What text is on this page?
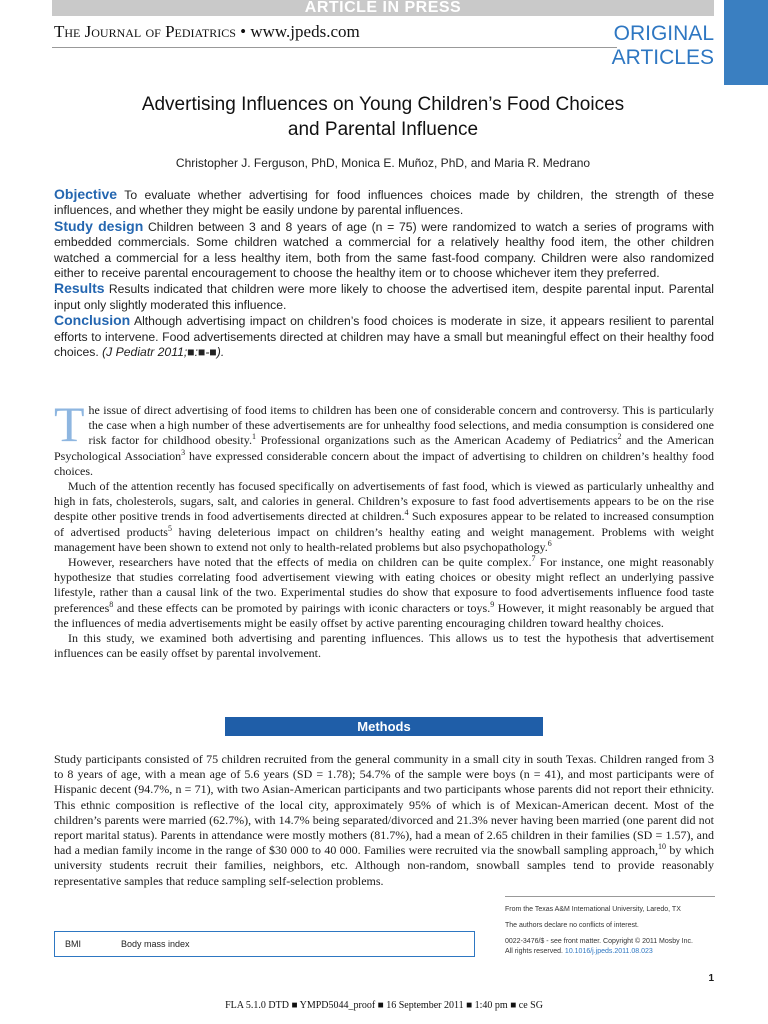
ARTICLE IN PRESS
The Journal of Pediatrics • www.jpeds.com	ORIGINAL
ARTICLES
Advertising Influences on Young Children’s Food Choices
and Parental Influence
Christopher J. Ferguson, PhD, Monica E. Muñoz, PhD, and Maria R. Medrano

Objective To evaluate whether advertising for food influences choices made by children, the strength of these influences, and whether they might be easily undone by parental influences.

Study design Children between 3 and 8 years of age (n = 75) were randomized to watch a series of programs with embedded commercials. Some children watched a commercial for a relatively healthy food item, the other children watched a commercial for a less healthy item, both from the same fast-food company. Children were also randomized either to receive parental encouragement to choose the healthy item or to choose whichever item they preferred.

Results Results indicated that children were more likely to choose the advertised item, despite parental input. Parental input only slightly moderated this influence.

Conclusion Although advertising impact on children’s food choices is moderate in size, it appears resilient to parental efforts to intervene. Food advertisements directed at children may have a small but meaningful effect on their healthy food choices. (J Pediatr 2011;■:■-■).

The issue of direct advertising of food items to children has been one of considerable concern and controversy. This is particularly the case when a high number of these advertisements are for unhealthy food selections, and media consumption is considered one risk factor for childhood obesity.$^1$ Professional organizations such as the American Academy of Pediatrics$^2$ and the American Psychological Association$^3$ have expressed considerable concern about the impact of advertising to children on children’s healthy food choices.

Much of the attention recently has focused specifically on advertisements of fast food, which is viewed as particularly unhealthy and high in fats, cholesterols, sugars, salt, and calories in general. Children’s exposure to fast food advertisements appears to be on the rise despite other positive trends in food advertisements directed at children.$^4$ Such exposures appear to be related to increased consumption of advertised products$^5$ having deleterious impact on children’s healthy eating and weight management. Problems with weight management have been shown to extend not only to health-related problems but also psychopathology.$^6$

However, researchers have noted that the effects of media on children can be quite complex.$^7$ For instance, one might reasonably hypothesize that studies correlating food advertisement viewing with eating choices or obesity might reflect an underlying passive lifestyle, rather than a causal link of the two. Experimental studies do show that exposure to food advertisements influence food taste preferences$^8$ and these effects can be promoted by pairings with iconic characters or toys.$^9$ However, it might reasonably be argued that the influences of media advertisements might be easily offset by active parenting encouraging children toward healthy choices.

In this study, we examined both advertising and parenting influences. This allows us to test the hypothesis that advertisement influences can be easily offset by parental involvement.

Methods

Study participants consisted of 75 children recruited from the general community in a small city in south Texas. Children ranged from 3 to 8 years of age, with a mean age of 5.6 years (SD = 1.78); 54.7% of the sample were boys (n = 41), and most participants were of Hispanic decent (94.7%, n = 71), with two Asian-American participants and two participants whose parents did not report their ethnicity. This ethnic composition is reflective of the local city, approximately 95% of which is of Mexican-American decent. Most of the children’s parents were married (62.7%), with 14.7% being separated/divorced and 21.3% never having been married (one parent did not report marital status). Parents in attendance were mostly mothers (81.7%), had a mean of 2.65 children in their families (SD = 1.57), and had a median family income in the range of $30 000 to 40 000. Families were recruited via the snowball sampling approach,$^{10}$ by which university students recruit their families, neighbors, etc. Although non-random, snowball samples tend to provide reasonably representative samples that reduce sampling self-selection problems.

From the Texas A&M International University, Laredo, TX
The authors declare no conflicts of interest.
0022-3476/$ - see front matter. Copyright © 2011 Mosby Inc.
All rights reserved. 10.1016/j.jpeds.2011.08.023
BMI	Body mass index
1
FLA 5.1.0 DTD ■ YMPD5044_proof ■ 16 September 2011 ■ 1:40 pm ■ ce SG
